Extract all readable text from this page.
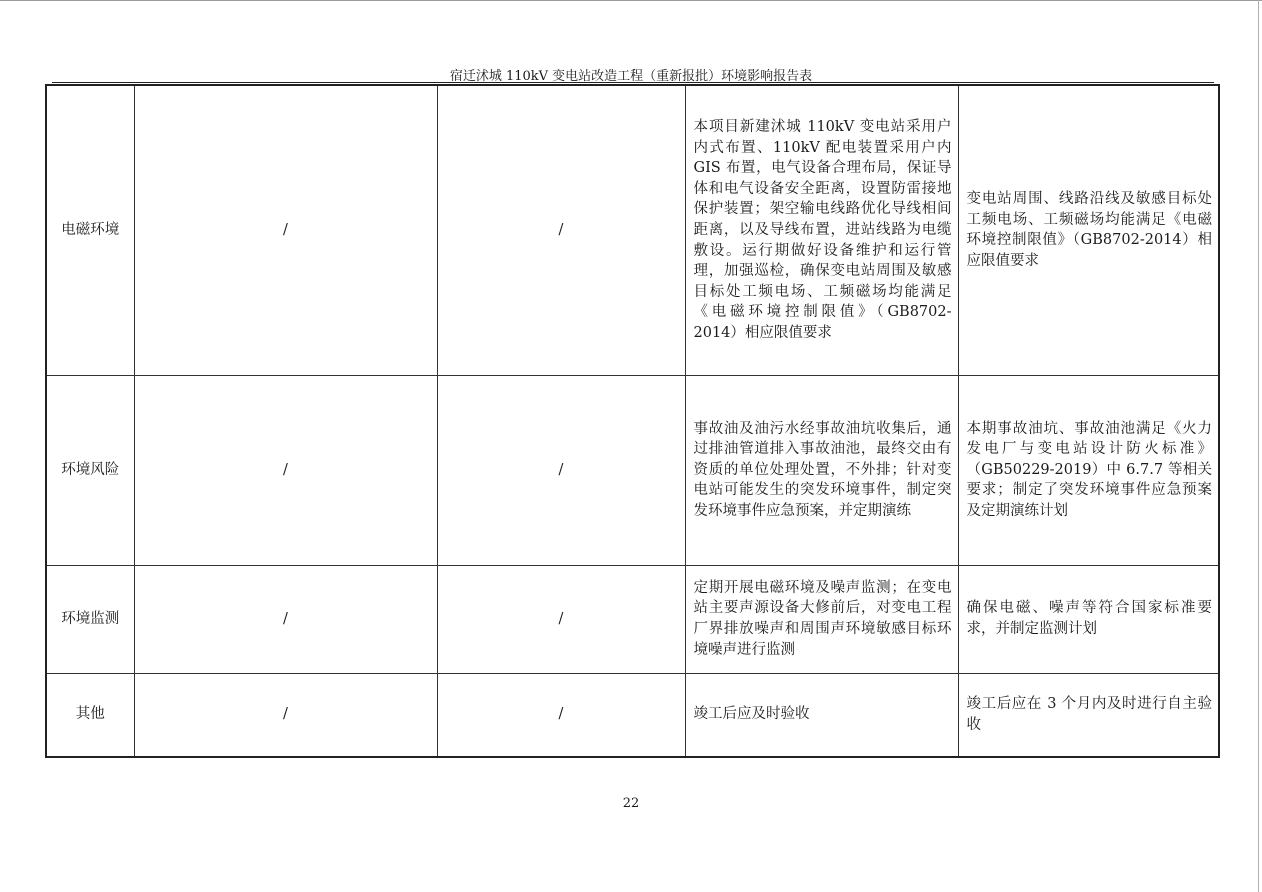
宿迁沭城 110kV 变电站改造工程（重新报批）环境影响报告表
电磁环境	/	/	本项目新建沭城 110kV 变电站采用户内式布置、110kV 配电装置采用户内 GIS 布置，电气设备合理布局，保证导体和电气设备安全距离，设置防雷接地保护装置；架空输电线路优化导线相间距离，以及导线布置，进站线路为电缆敷设。运行期做好设备维护和运行管理，加强巡检，确保变电站周围及敏感目标处工频电场、工频磁场均能满足《电磁环境控制限值》（GB8702-2014）相应限值要求	变电站周围、线路沿线及敏感目标处工频电场、工频磁场均能满足《电磁环境控制限值》（GB8702-2014）相应限值要求
环境风险	/	/	事故油及油污水经事故油坑收集后，通过排油管道排入事故油池，最终交由有资质的单位处理处置，不外排；针对变电站可能发生的突发环境事件，制定突发环境事件应急预案，并定期演练	本期事故油坑、事故油池满足《火力发电厂与变电站设计防火标准》（GB50229-2019）中 6.7.7 等相关要求；制定了突发环境事件应急预案及定期演练计划
环境监测	/	/	定期开展电磁环境及噪声监测；在变电站主要声源设备大修前后，对变电工程厂界排放噪声和周围声环境敏感目标环境噪声进行监测	确保电磁、噪声等符合国家标准要求，并制定监测计划
其他	/	/	竣工后应及时验收	竣工后应在 3 个月内及时进行自主验收
22
